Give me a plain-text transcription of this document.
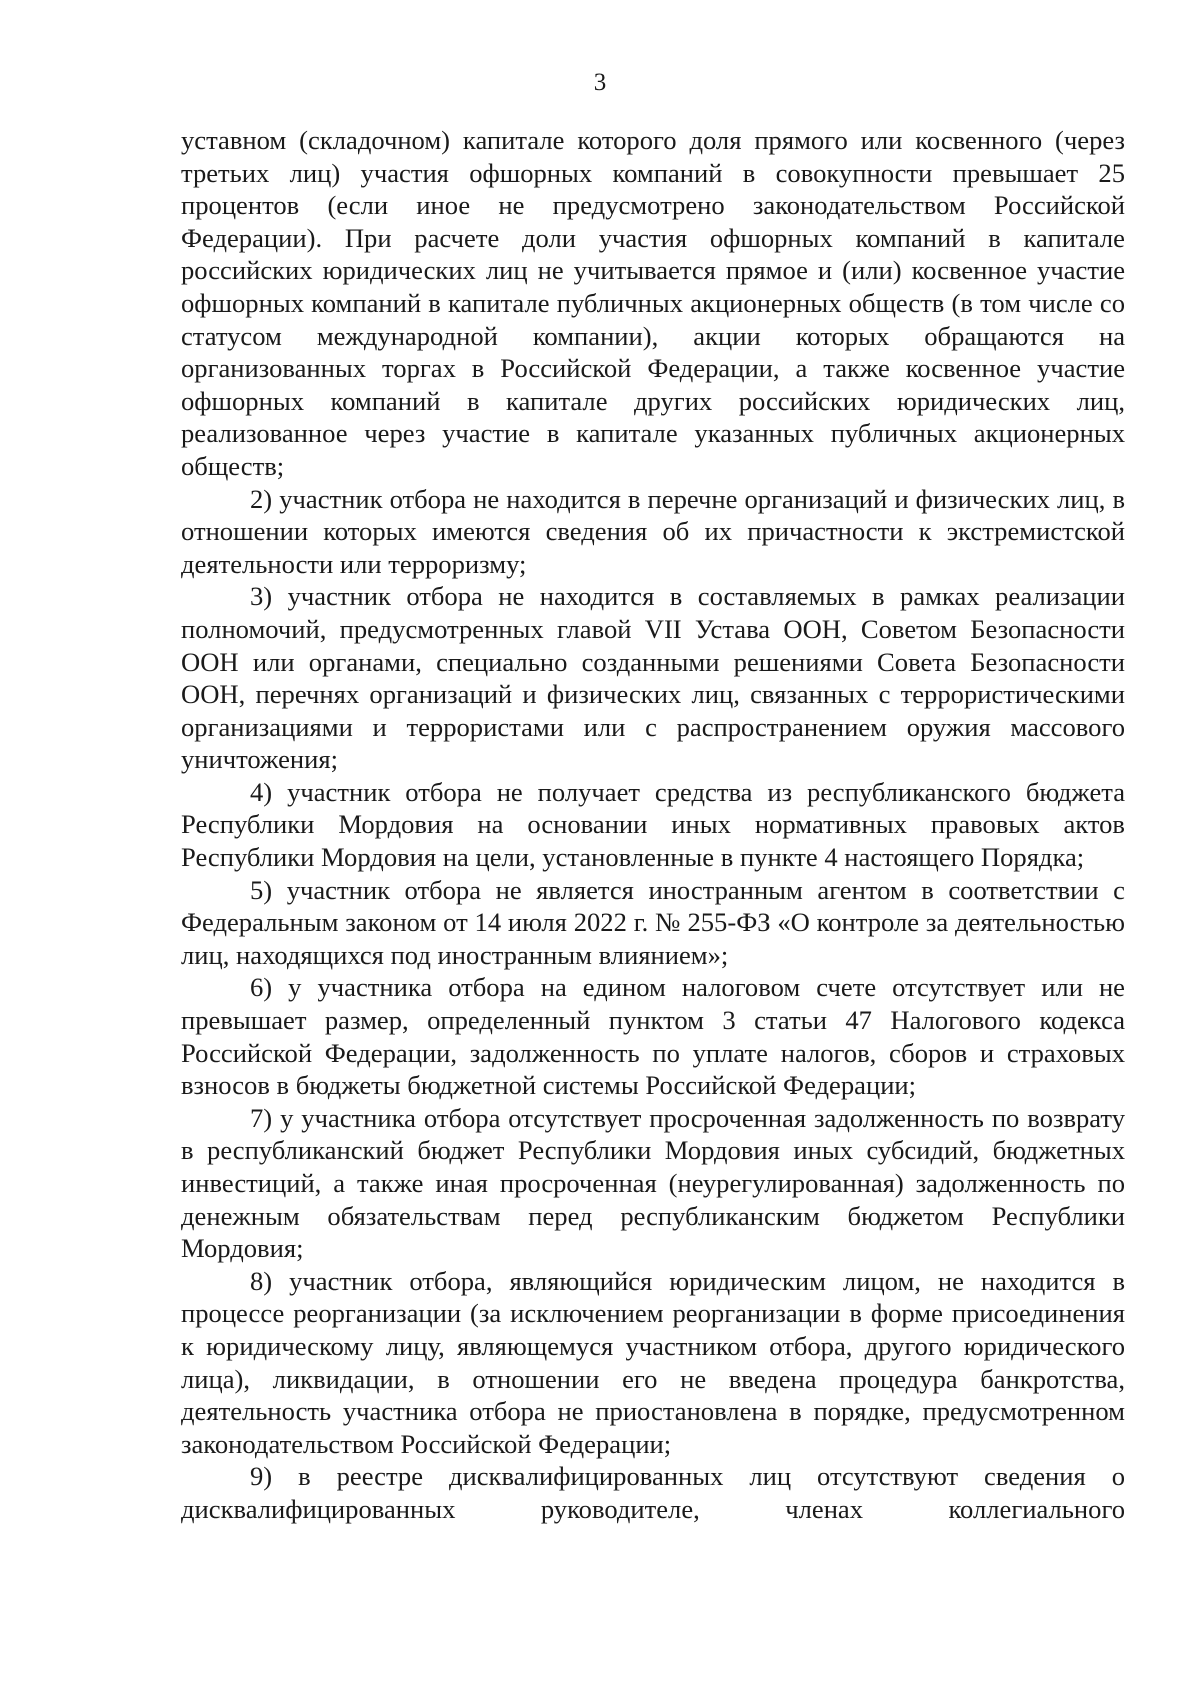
3

уставном (складочном) капитале которого доля прямого или косвенного (через третьих лиц) участия офшорных компаний в совокупности превышает 25 процентов (если иное не предусмотрено законодательством Российской Федерации). При расчете доли участия офшорных компаний в капитале российских юридических лиц не учитывается прямое и (или) косвенное участие офшорных компаний в капитале публичных акционерных обществ (в том числе со статусом международной компании), акции которых обращаются на организованных торгах в Российской Федерации, а также косвенное участие офшорных компаний в капитале других российских юридических лиц, реализованное через участие в капитале указанных публичных акционерных обществ;

2) участник отбора не находится в перечне организаций и физических лиц, в отношении которых имеются сведения об их причастности к экстремистской деятельности или терроризму;

3) участник отбора не находится в составляемых в рамках реализации полномочий, предусмотренных главой VII Устава ООН, Советом Безопасности ООН или органами, специально созданными решениями Совета Безопасности ООН, перечнях организаций и физических лиц, связанных с террористическими организациями и террористами или с распространением оружия массового уничтожения;

4) участник отбора не получает средства из республиканского бюджета Республики Мордовия на основании иных нормативных правовых актов Республики Мордовия на цели, установленные в пункте 4 настоящего Порядка;

5) участник отбора не является иностранным агентом в соответствии с Федеральным законом от 14 июля 2022 г. № 255-ФЗ «О контроле за деятельностью лиц, находящихся под иностранным влиянием»;

6) у участника отбора на едином налоговом счете отсутствует или не превышает размер, определенный пунктом 3 статьи 47 Налогового кодекса Российской Федерации, задолженность по уплате налогов, сборов и страховых взносов в бюджеты бюджетной системы Российской Федерации;

7) у участника отбора отсутствует просроченная задолженность по возврату в республиканский бюджет Республики Мордовия иных субсидий, бюджетных инвестиций, а также иная просроченная (неурегулированная) задолженность по денежным обязательствам перед республиканским бюджетом Республики Мордовия;

8) участник отбора, являющийся юридическим лицом, не находится в процессе реорганизации (за исключением реорганизации в форме присоединения к юридическому лицу, являющемуся участником отбора, другого юридического лица), ликвидации, в отношении его не введена процедура банкротства, деятельность участника отбора не приостановлена в порядке, предусмотренном законодательством Российской Федерации;

9) в реестре дисквалифицированных лиц отсутствуют сведения о дисквалифицированных руководителе, членах коллегиального
